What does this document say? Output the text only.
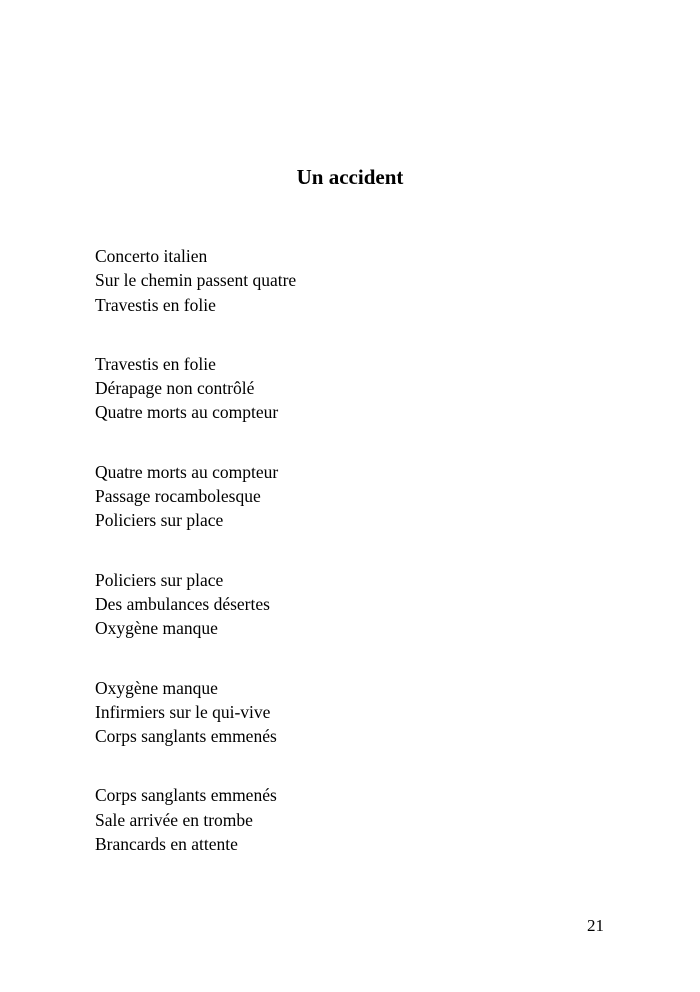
Un accident
Concerto italien
Sur le chemin passent quatre
Travestis en folie
Travestis en folie
Dérapage non contrôlé
Quatre morts au compteur
Quatre morts au compteur
Passage rocambolesque
Policiers sur place
Policiers sur place
Des ambulances désertes
Oxygène manque
Oxygène manque
Infirmiers sur le qui-vive
Corps sanglants emmenés
Corps sanglants emmenés
Sale arrivée en trombe
Brancards en attente
21
